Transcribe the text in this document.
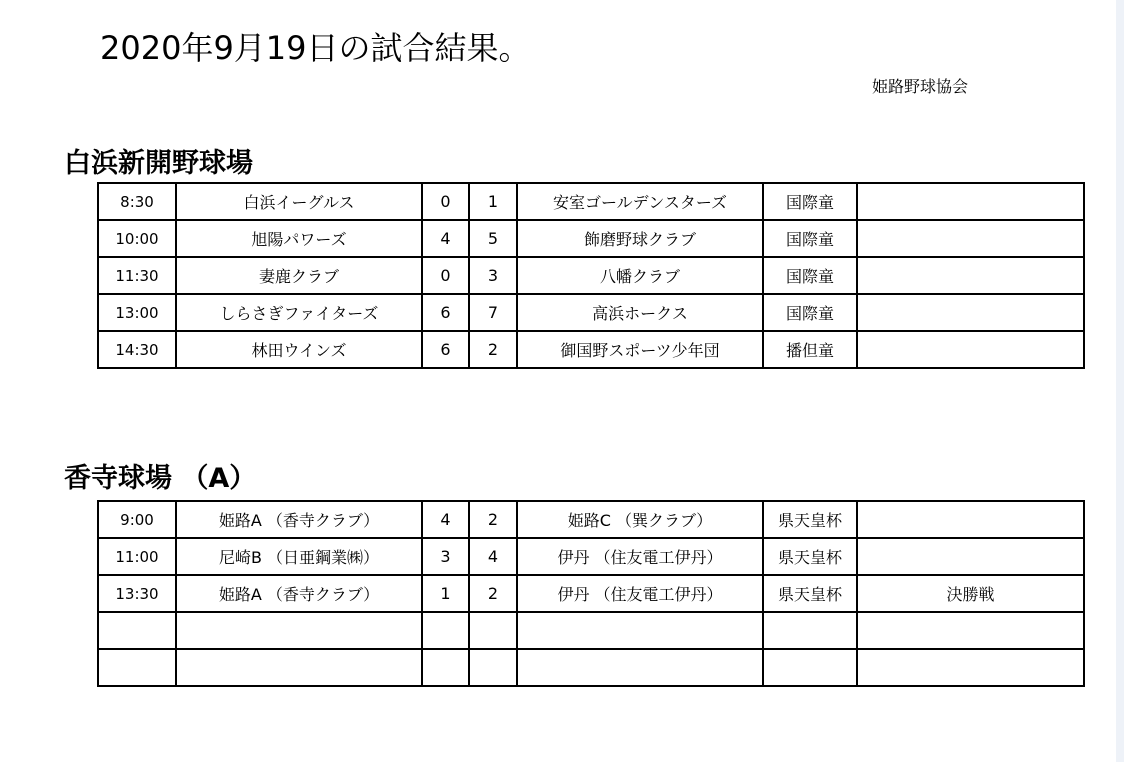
2020年9月19日の試合結果。
姫路野球協会
白浜新開野球場
8:30	白浜イーグルス	0	1	安室ゴールデンスターズ	国際童	
10:00	旭陽パワーズ	4	5	飾磨野球クラブ	国際童	
11:30	妻鹿クラブ	0	3	八幡クラブ	国際童	
13:00	しらさぎファイターズ	6	7	高浜ホークス	国際童	
14:30	林田ウインズ	6	2	御国野スポーツ少年団	播但童	
香寺球場 （A）
9:00	姫路A （香寺クラブ）	4	2	姫路C （巽クラブ）	県天皇杯	
11:00	尼崎B （日亜鋼業㈱）	3	4	伊丹 （住友電工伊丹）	県天皇杯	
13:30	姫路A （香寺クラブ）	1	2	伊丹 （住友電工伊丹）	県天皇杯	決勝戦
